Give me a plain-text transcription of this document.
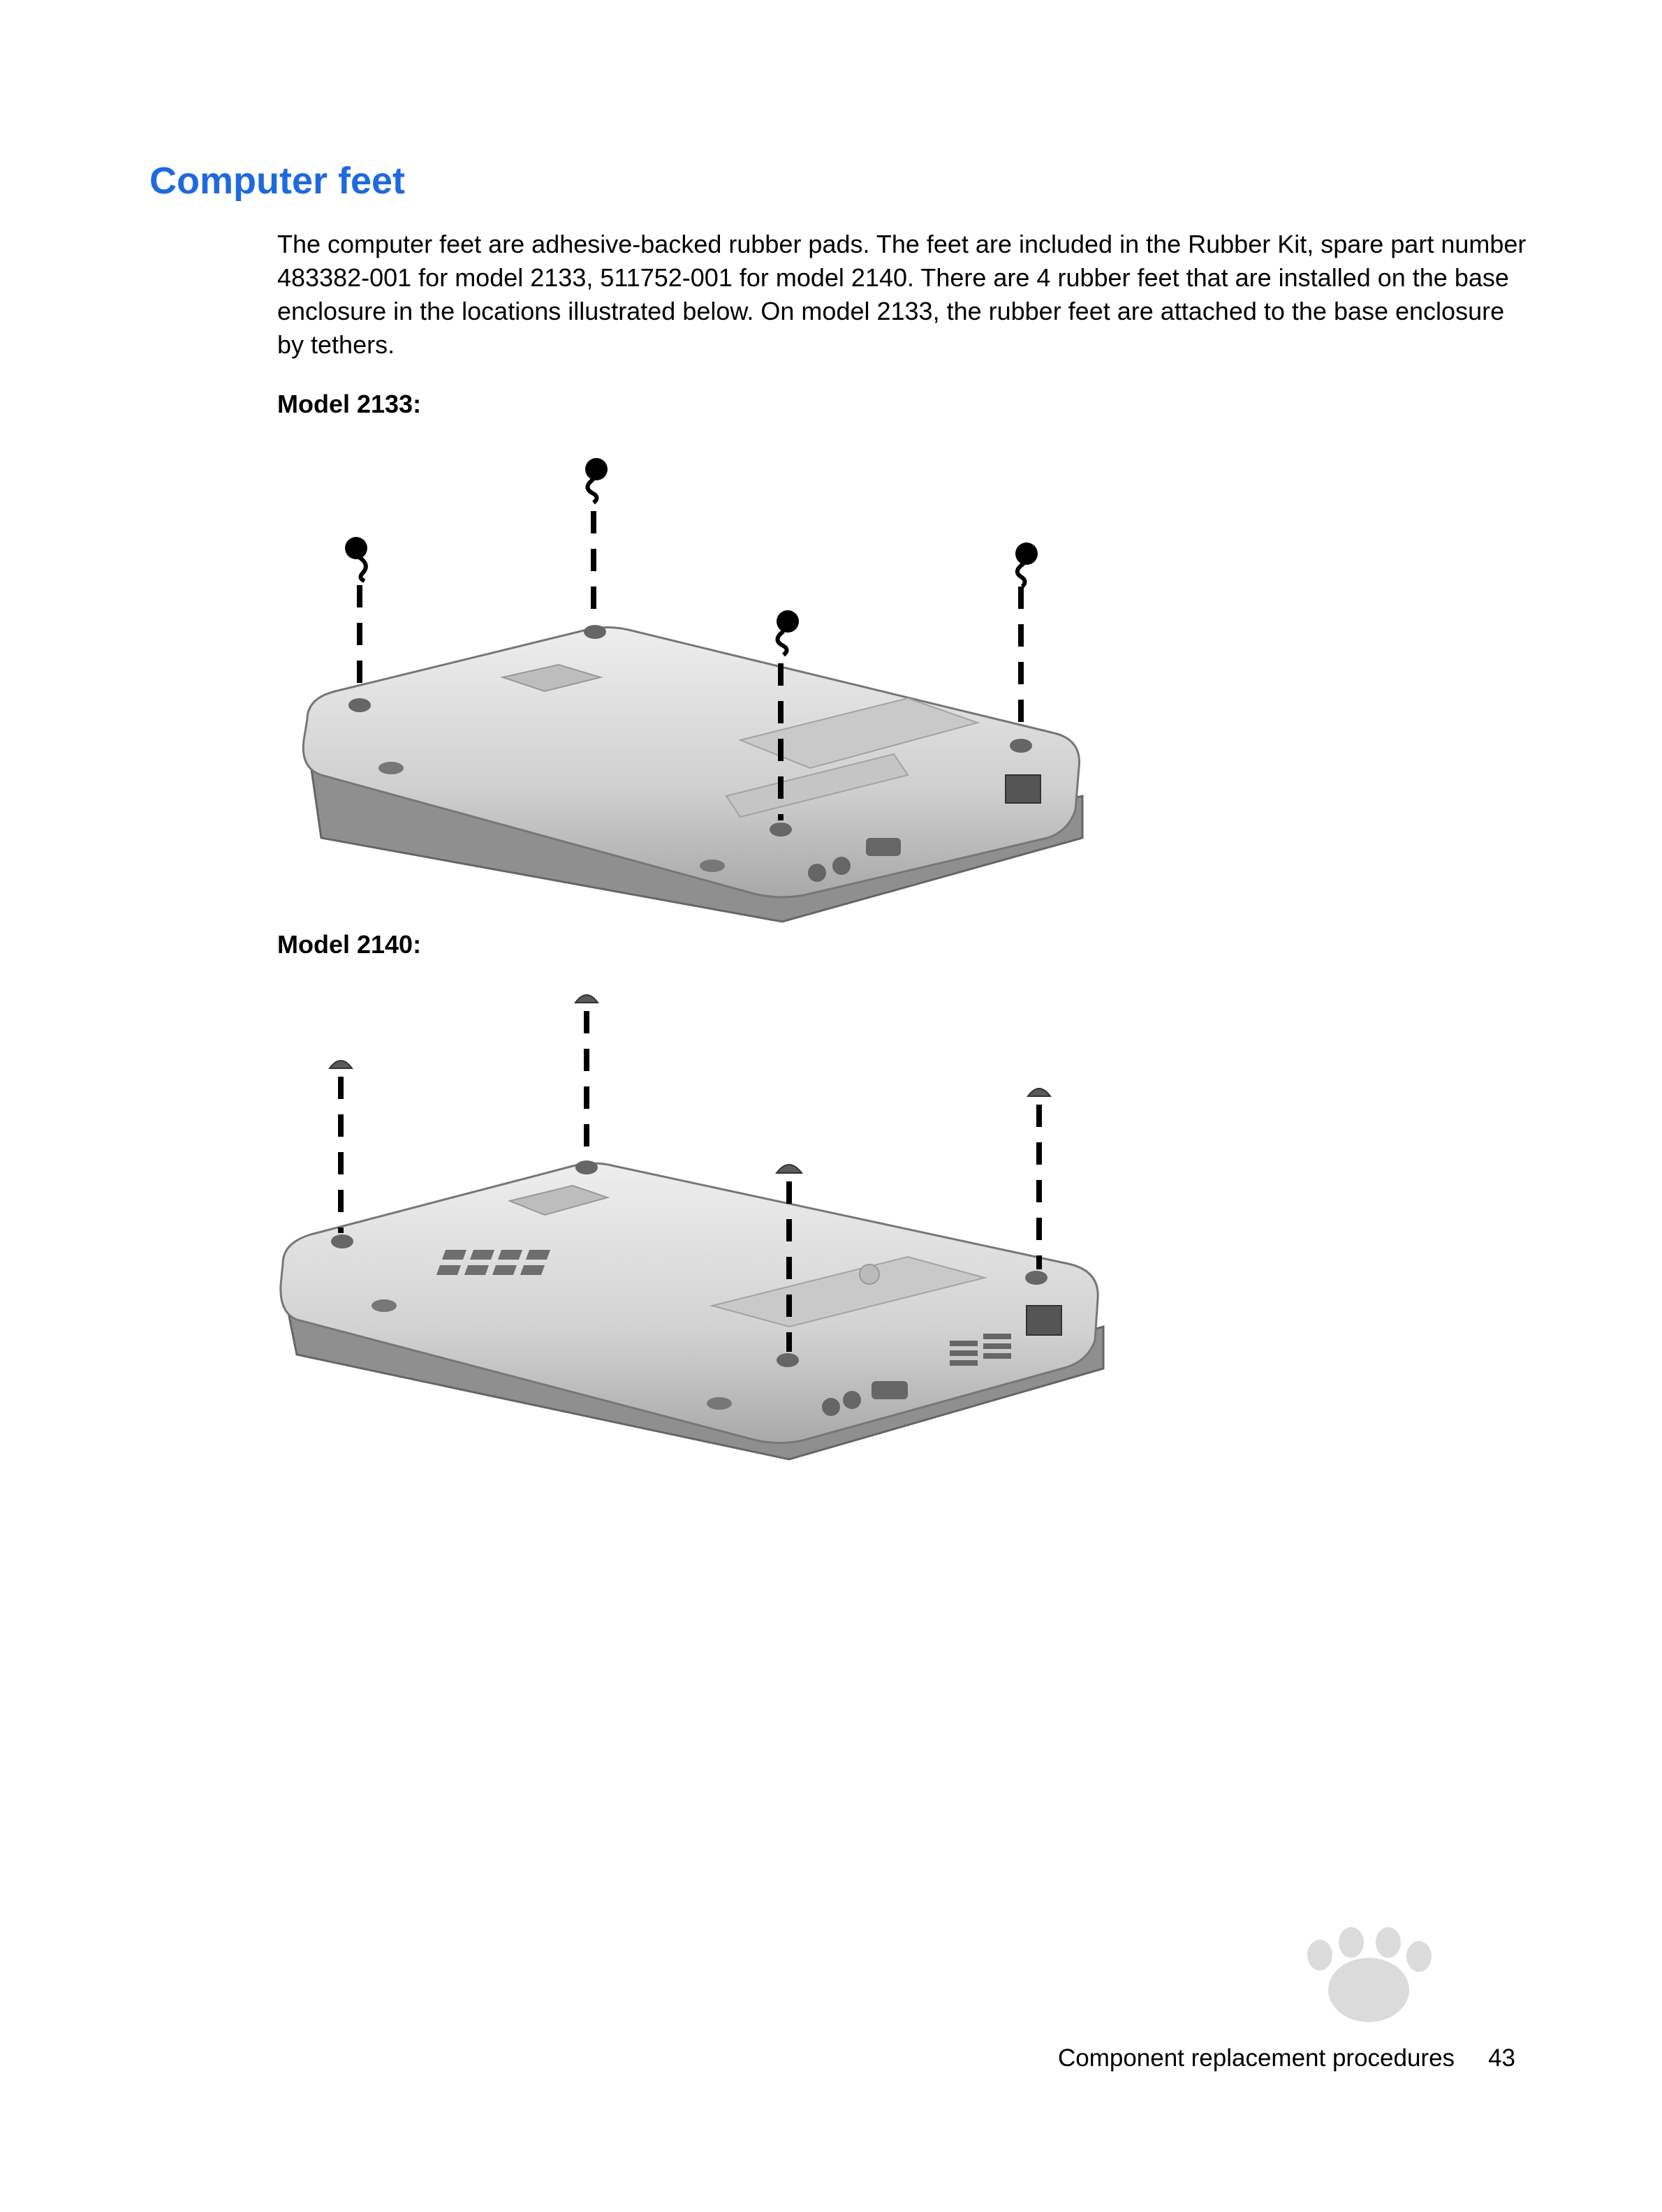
Computer feet

The computer feet are adhesive-backed rubber pads. The feet are included in the Rubber Kit, spare part number 483382-001 for model 2133, 511752-001 for model 2140. There are 4 rubber feet that are installed on the base enclosure in the locations illustrated below. On model 2133, the rubber feet are attached to the base enclosure by tethers.

Model 2133:
Model 2140:
Component replacement procedures 43
